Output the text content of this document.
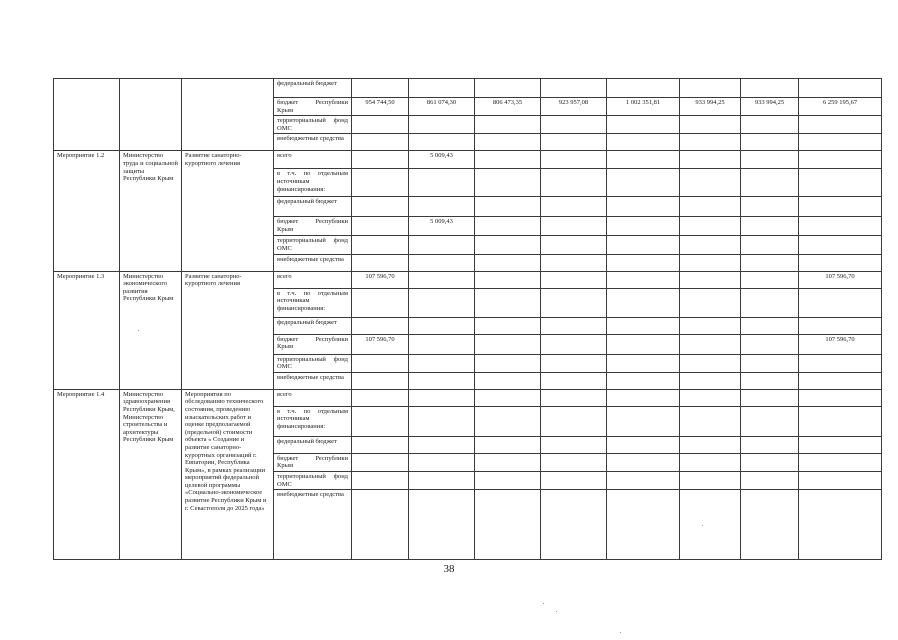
			федеральный бюджет								
			бюджет Республики Крым	954 744,50	861 074,30	806 473,35	923 957,08	1 002 351,81	933 994,25	933 994,25	6 259 195,67
			территориальный фонд ОМС								
			внебюджетные средства								
Мероприятие 1.2	Министерство труда и социальной защиты Республики Крым	Развитие санаторно-курортного лечения	всего		5 009,43						
			в т.ч. по отдельным источникам финансирования:								
			федеральный бюджет								
			бюджет Республики Крым		5 009,43						
			территориальный фонд ОМС								
			внебюджетные средства								
Мероприятие 1.3	Министерство экономического развития Республики Крым	Развитие санаторно-курортного лечения	всего	107 596,70							107 596,70
			в т.ч. по отдельным источникам финансирования:								
			федеральный бюджет								
			бюджет Республики Крым	107 596,70							107 596,70
			территориальный фонд ОМС								
			внебюджетные средства								
Мероприятие 1.4	Министерство здравоохранения Республики Крым, Министерство строительства и архитектуры Республики Крым	Мероприятия по обследованию технического состояния, проведению изыскательских работ и оценке предполагаемой (предельной) стоимости объекта « Создание и развитие санаторно-курортных организаций г. Евпатории, Республика Крым», в рамках реализации мероприятий федеральной целевой программы «Социально-экономическое развитие Республики Крым и г. Севастополя до 2025 года»	всего								
			в т.ч. по отдельным источникам финансирования:								
			федеральный бюджет								
			бюджет Республики Крым								
			территориальный фонд ОМС								
			внебюджетные средства								
38
